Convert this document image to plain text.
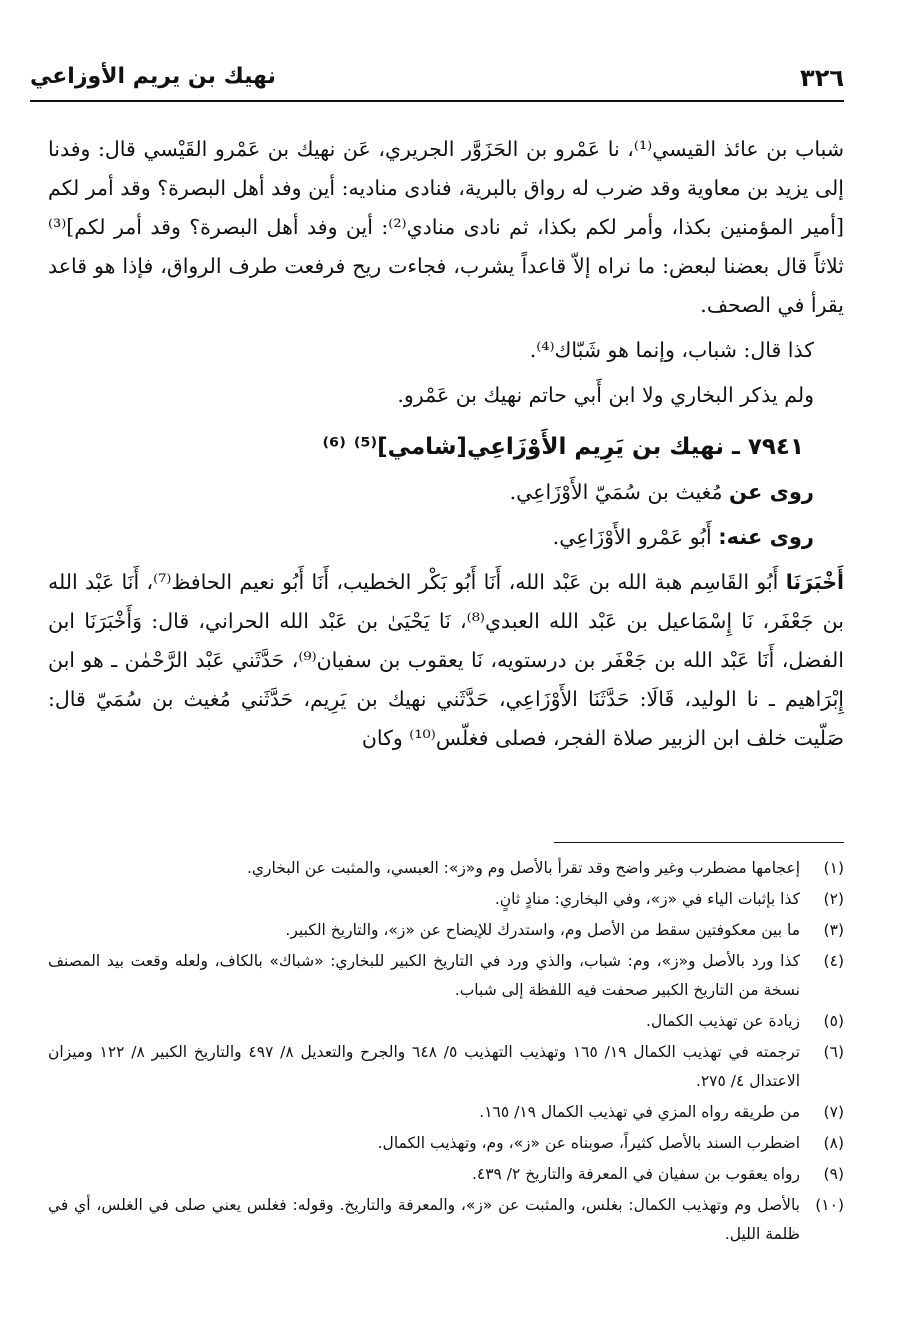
٣٢٦
نهيك بن يريم الأوزاعي

شباب بن عائذ القيسي⁽¹⁾، نا عَمْرو بن الحَزَوَّر الجريري، عَن نهيك بن عَمْرو القَيْسي قال: وفدنا إلى يزيد بن معاوية وقد ضرب له رواق بالبرية، فنادى مناديه: أين وفد أهل البصرة؟ وقد أمر لكم [أمير المؤمنين بكذا، وأمر لكم بكذا، ثم نادى منادي⁽²⁾: أين وفد أهل البصرة؟ وقد أمر لكم]⁽³⁾ ثلاثاً قال بعضنا لبعض: ما نراه إلاّ قاعداً يشرب، فجاءت ريح فرفعت طرف الرواق، فإذا هو قاعد يقرأ في الصحف.

كذا قال: شباب، وإنما هو شَبّاك⁽⁴⁾.

ولم يذكر البخاري ولا ابن أَبي حاتم نهيك بن عَمْرو.

٧٩٤١ ـ نهيك بن يَرِيم الأَوْزَاعِي[شامي]⁽⁵⁾ ⁽⁶⁾

روى عن مُغيث بن سُمَيّ الأَوْزَاعِي.

روى عنه: أَبُو عَمْرو الأَوْزَاعِي.

أَخْبَرَنَا أَبُو القَاسِم هبة الله بن عَبْد الله، أَنَا أَبُو بَكْر الخطيب، أَنَا أَبُو نعيم الحافظ⁽⁷⁾، أَنَا عَبْد الله بن جَعْفَر، نَا إِسْمَاعيل بن عَبْد الله العبدي⁽⁸⁾، نَا يَحْيَىٰ بن عَبْد الله الحراني، قال: وَأَخْبَرَنَا ابن الفضل، أَنَا عَبْد الله بن جَعْفَر بن درستويه، نَا يعقوب بن سفيان⁽⁹⁾، حَدَّثَني عَبْد الرَّحْمٰن ـ هو ابن إِبْرَاهيم ـ نا الوليد، قَالَا: حَدَّثَنَا الأَوْزَاعِي، حَدَّثَني نهيك بن يَرِيم، حَدَّثَني مُغيث بن سُمَيّ قال: صَلّيت خلف ابن الزبير صلاة الفجر، فصلى فغلّس⁽¹⁰⁾ وكان

(١)
إعجامها مضطرب وغير واضح وقد تقرأ بالأصل وم و«ز»: العبسي، والمثبت عن البخاري.
(٢)
كذا بإثبات الياء في «ز»، وفي البخاري: منادٍ ثانٍ.
(٣)
ما بين معكوفتين سقط من الأصل وم، واستدرك للإيضاح عن «ز»، والتاريخ الكبير.
(٤)
كذا ورد بالأصل و«ز»، وم: شباب، والذي ورد في التاريخ الكبير للبخاري: «شباك» بالكاف، ولعله وقعت بيد المصنف نسخة من التاريخ الكبير صحفت فيه اللفظة إلى شباب.
(٥)
زيادة عن تهذيب الكمال.
(٦)
ترجمته في تهذيب الكمال ١٩/ ١٦٥ وتهذيب التهذيب ٥/ ٦٤٨ والجرح والتعديل ٨/ ٤٩٧ والتاريخ الكبير ٨/ ١٢٢ وميزان الاعتدال ٤/ ٢٧٥.
(٧)
من طريقه رواه المزي في تهذيب الكمال ١٩/ ١٦٥.
(٨)
اضطرب السند بالأصل كثيراً، صوبناه عن «ز»، وم، وتهذيب الكمال.
(٩)
رواه يعقوب بن سفيان في المعرفة والتاريخ ٢/ ٤٣٩.
(١٠)
بالأصل وم وتهذيب الكمال: بغلس، والمثبت عن «ز»، والمعرفة والتاريخ. وقوله: فغلس يعني صلى في الغلس، أي في ظلمة الليل.
